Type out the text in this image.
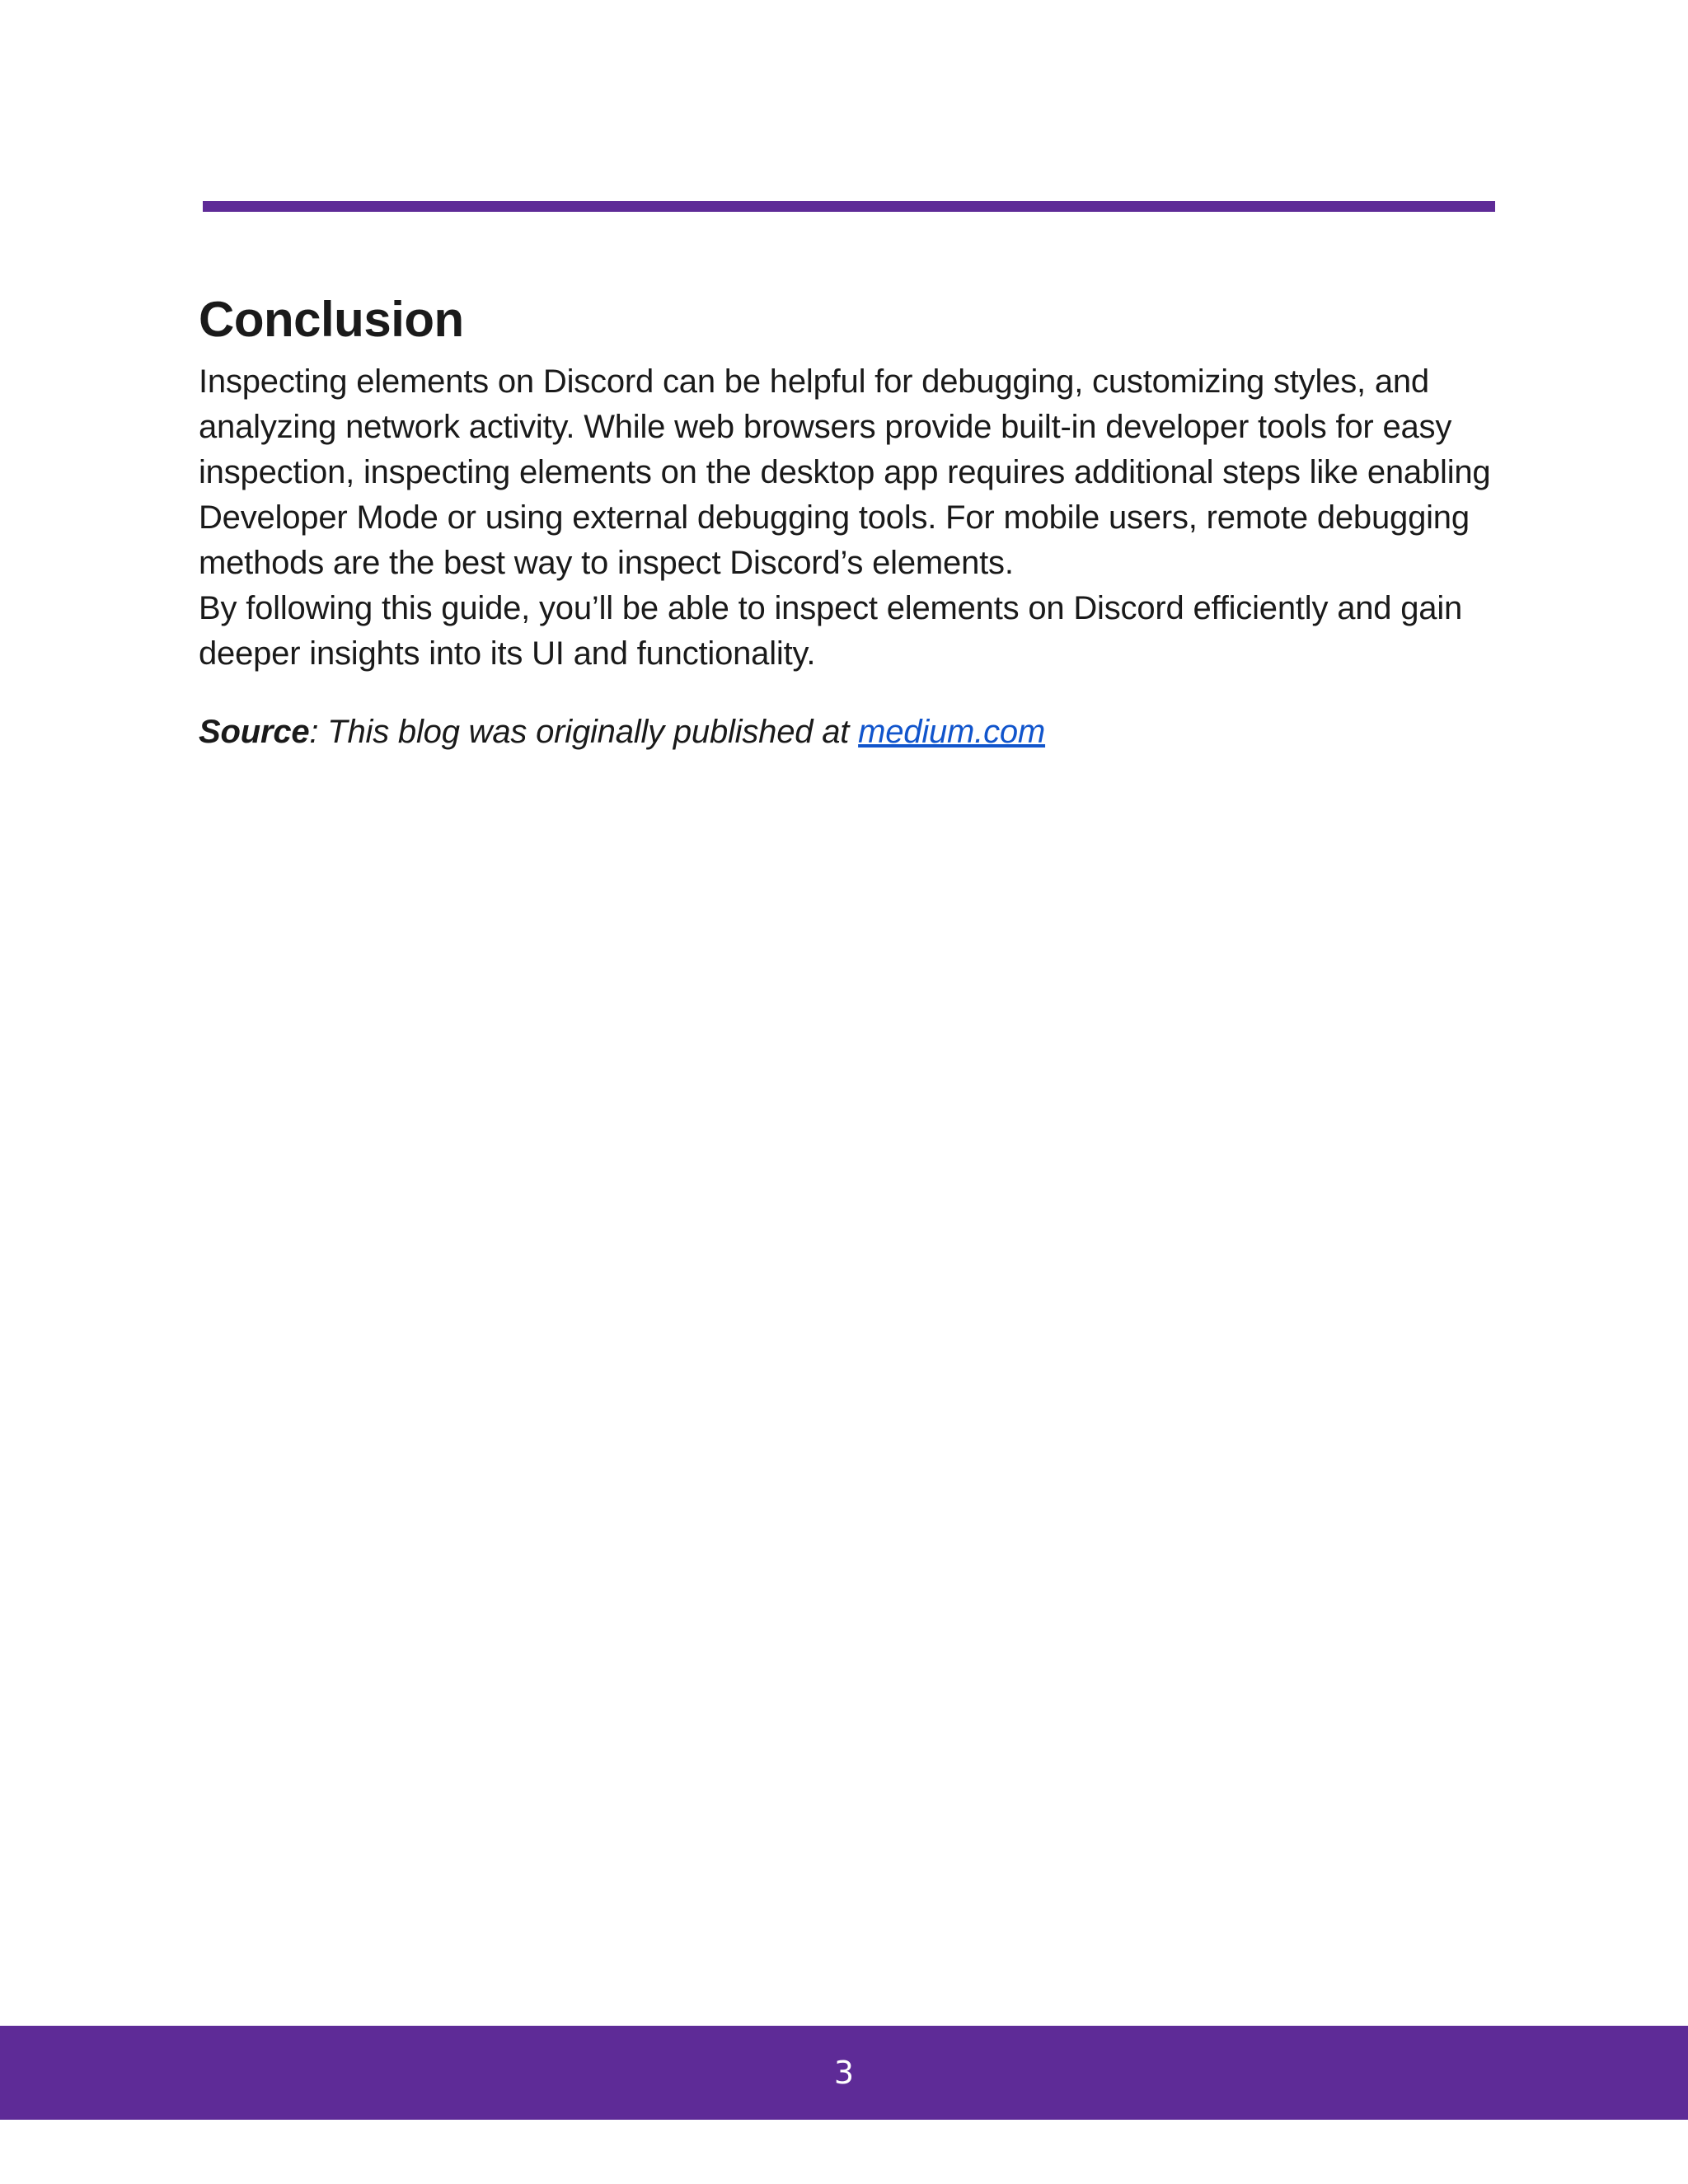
Conclusion

Inspecting elements on Discord can be helpful for debugging, customizing styles, and analyzing network activity. While web browsers provide built-in developer tools for easy inspection, inspecting elements on the desktop app requires additional steps like enabling Developer Mode or using external debugging tools. For mobile users, remote debugging methods are the best way to inspect Discord’s elements.

By following this guide, you’ll be able to inspect elements on Discord efficiently and gain deeper insights into its UI and functionality.

Source: This blog was originally published at medium.com

3
